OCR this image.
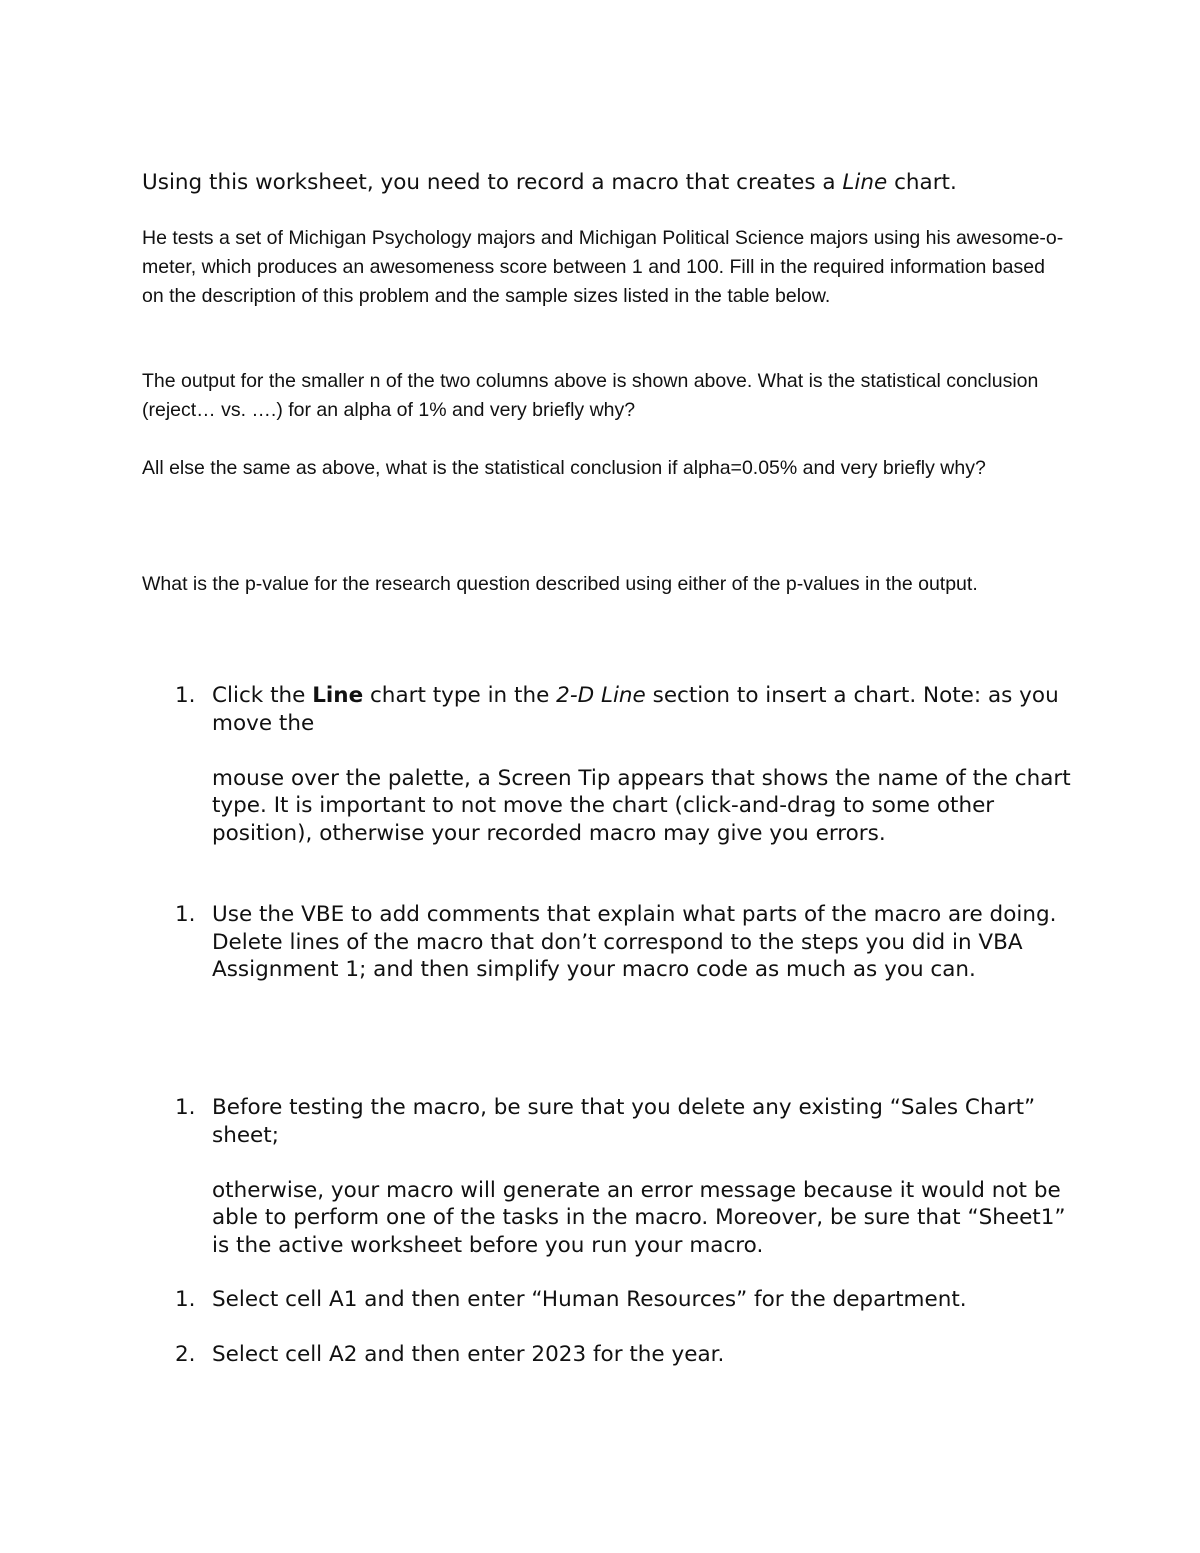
Using this worksheet, you need to record a macro that creates a Line chart.

He tests a set of Michigan Psychology majors and Michigan Political Science majors using his awesome-o-meter, which produces an awesomeness score between 1 and 100. Fill in the required information based on the description of this problem and the sample sizes listed in the table below.

The output for the smaller n of the two columns above is shown above. What is the statistical conclusion (reject… vs. ….) for an alpha of 1% and very briefly why?

All else the same as above, what is the statistical conclusion if alpha=0.05% and very briefly why?

What is the p-value for the research question described using either of the p-values in the output.

1. Click the Line chart type in the 2-D Line section to insert a chart. Note: as you move the
mouse over the palette, a Screen Tip appears that shows the name of the chart type. It is important to not move the chart (click-and-drag to some other position), otherwise your recorded macro may give you errors.
1. Use the VBE to add comments that explain what parts of the macro are doing. Delete lines of the macro that don’t correspond to the steps you did in VBA Assignment 1; and then simplify your macro code as much as you can.
1. Before testing the macro, be sure that you delete any existing “Sales Chart” sheet;
otherwise, your macro will generate an error message because it would not be able to perform one of the tasks in the macro. Moreover, be sure that “Sheet1” is the active worksheet before you run your macro.
1. Select cell A1 and then enter “Human Resources” for the department.
2. Select cell A2 and then enter 2023 for the year.
